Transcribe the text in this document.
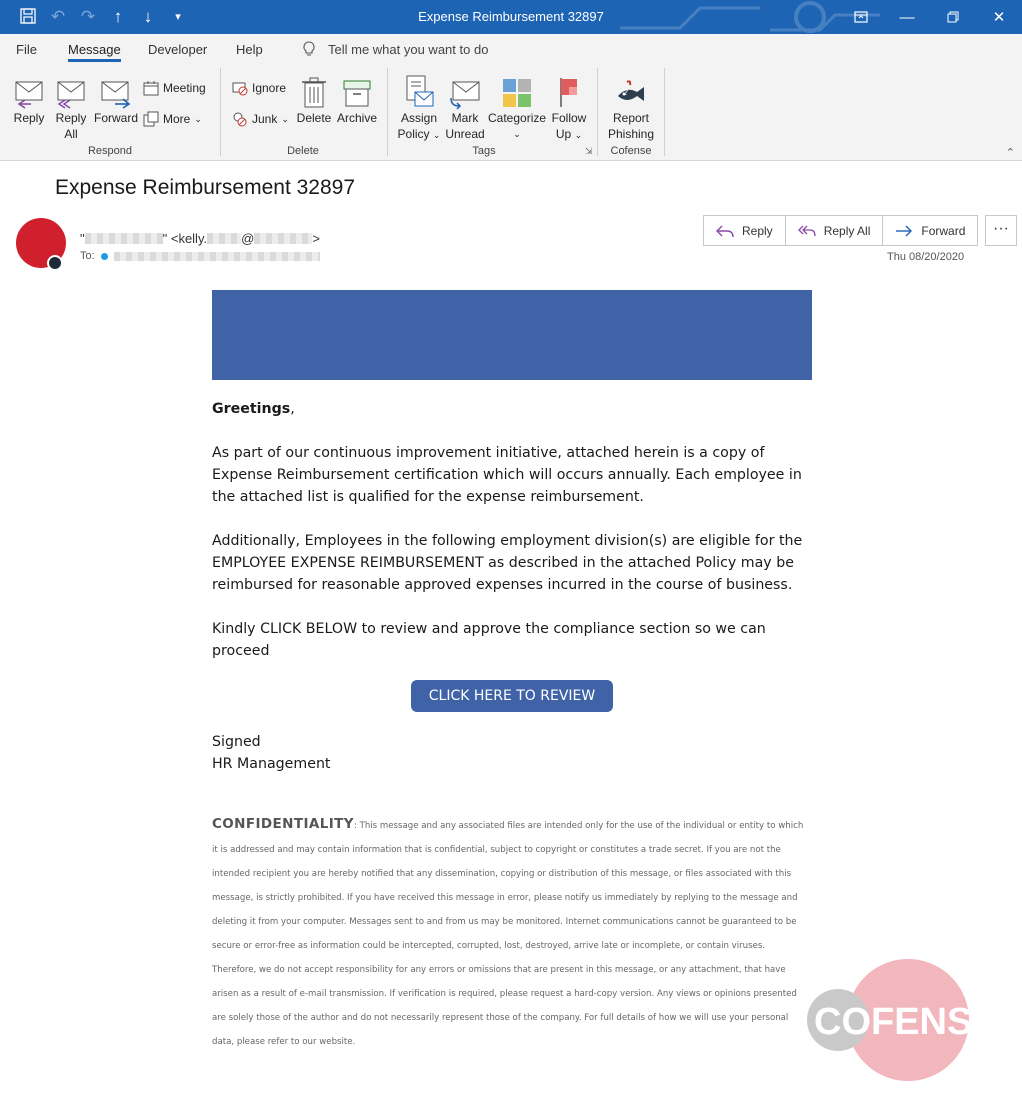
↶ ↷	↑	↓	▾	Expense Reimbursement 32897	—	✕
File Message Developer Help	Tell me what you want to do
Reply Reply
All
Forward
Meeting
More ⌄
Respond
Ignore
Junk ⌄ Delete Archive
Delete
Assign
Policy ⌄
Mark
Unread
Categorize
⌄
Follow
Up ⌄
Tags	⇲
?
Report
Phishing
Cofense	⌃
Expense Reimbursement 32897
"	" <kelly.	@	>
To:
Reply	Reply All	Forward	···
Thu 08/20/2020

Greetings,

As part of our continuous improvement initiative, attached herein is a copy of Expense Reimbursement certification which will occurs annually. Each employee in the attached list is qualified for the expense reimbursement.

Additionally, Employees in the following employment division(s) are eligible for the EMPLOYEE EXPENSE REIMBURSEMENT as described in the attached Policy may be reimbursed for reasonable approved expenses incurred in the course of business.

Kindly CLICK BELOW to review and approve the compliance section so we can proceed

CLICK HERE TO REVIEW
Signed
HR Management
CONFIDENTIALITY: This message and any associated files are intended only for the use of the individual or entity to which it is addressed and may contain information that is confidential, subject to copyright or constitutes a trade secret. If you are not the intended recipient you are hereby notified that any dissemination, copying or distribution of this message, or files associated with this message, is strictly prohibited. If you have received this message in error, please notify us immediately by replying to the message and deleting it from your computer. Messages sent to and from us may be monitored. Internet communications cannot be guaranteed to be secure or error-free as information could be intercepted, corrupted, lost, destroyed, arrive late or incomplete, or contain viruses. Therefore, we do not accept responsibility for any errors or omissions that are present in this message, or any attachment, that have arisen as a result of e-mail transmission. If verification is required, please request a hard-copy version. Any views or opinions presented are solely those of the author and do not necessarily represent those of the company. For full details of how we will use your personal data, please refer to our website.	COFENSE
